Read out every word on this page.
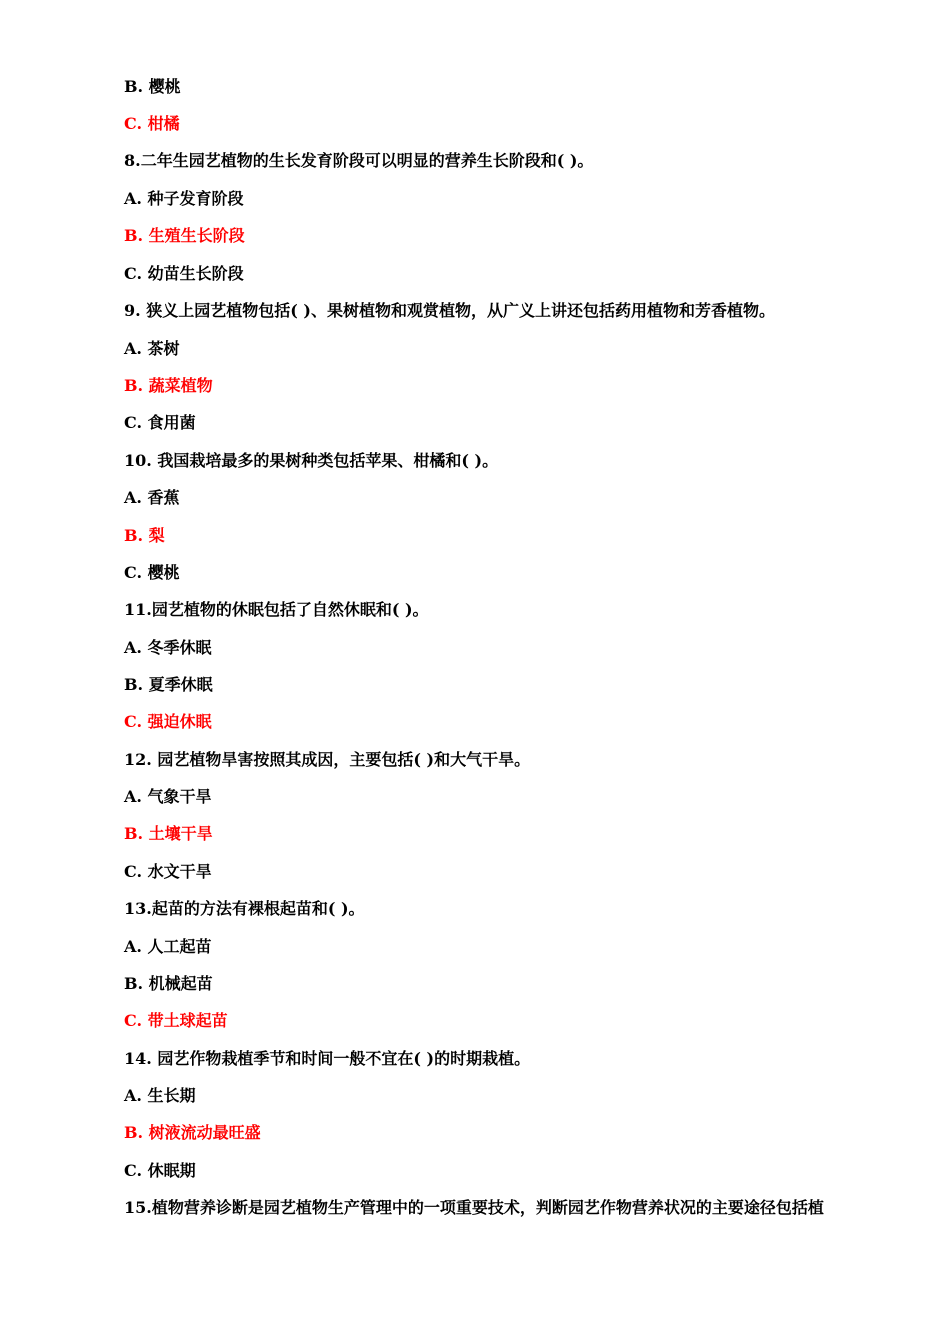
B. 樱桃
C. 柑橘
8.二年生园艺植物的生长发育阶段可以明显的营养生长阶段和( )。
A. 种子发育阶段
B. 生殖生长阶段
C. 幼苗生长阶段
9. 狭义上园艺植物包括( )、果树植物和观赏植物，从广义上讲还包括药用植物和芳香植物。
A. 茶树
B. 蔬菜植物
C. 食用菌
10. 我国栽培最多的果树种类包括苹果、柑橘和( )。
A. 香蕉
B. 梨
C. 樱桃
11.园艺植物的休眠包括了自然休眠和( )。
A. 冬季休眠
B. 夏季休眠
C. 强迫休眠
12. 园艺植物旱害按照其成因，主要包括( )和大气干旱。
A. 气象干旱
B. 土壤干旱
C. 水文干旱
13.起苗的方法有裸根起苗和( )。
A. 人工起苗
B. 机械起苗
C. 带土球起苗
14. 园艺作物栽植季节和时间一般不宜在( )的时期栽植。
A. 生长期
B. 树液流动最旺盛
C. 休眠期
15.植物营养诊断是园艺植物生产管理中的一项重要技术，判断园艺作物营养状况的主要途径包括植
